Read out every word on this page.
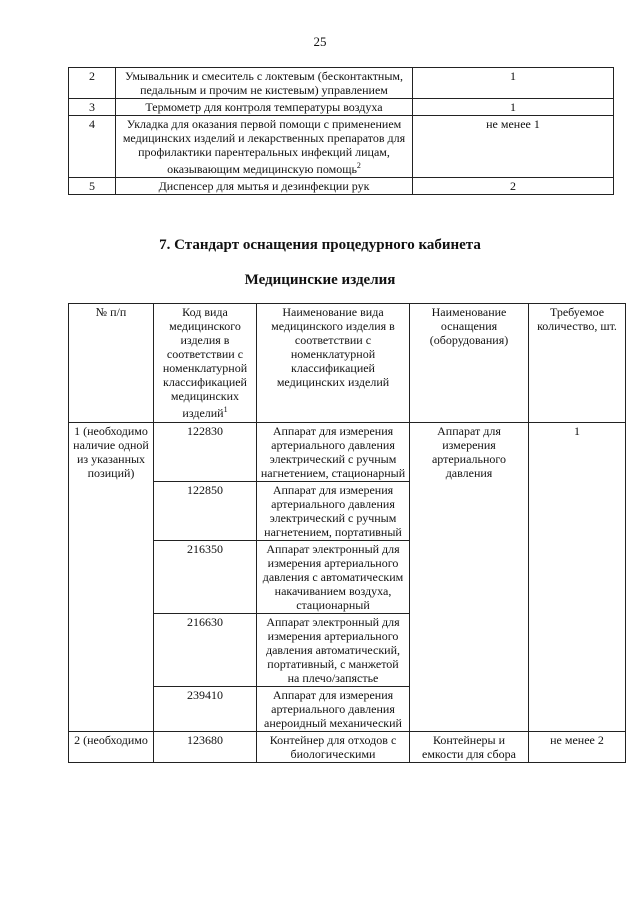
25
2	Умывальник и смеситель с локтевым (бесконтактным, педальным и прочим не кистевым) управлением	1
3	Термометр для контроля температуры воздуха	1
4	Укладка для оказания первой помощи с применением медицинских изделий и лекарственных препаратов для профилактики парентеральных инфекций лицам, оказывающим медицинскую помощь$^2$	не менее 1
5	Диспенсер для мытья и дезинфекции рук	2
7. Стандарт оснащения процедурного кабинета
Медицинские изделия
№ п/п	Код вида медицинского изделия в соответствии с номенклатурной классификацией медицинских изделий$^1$	Наименование вида медицинского изделия в соответствии с номенклатурной классификацией медицинских изделий	Наименование оснащения (оборудования)	Требуемое количество, шт.
1 (необходимо наличие одной из указанных позиций)	122830	Аппарат для измерения артериального давления электрический с ручным нагнетением, стационарный	Аппарат для измерения артериального давления	1
	122850	Аппарат для измерения артериального давления электрический с ручным нагнетением, портативный		
	216350	Аппарат электронный для измерения артериального давления с автоматическим накачиванием воздуха, стационарный		
	216630	Аппарат электронный для измерения артериального давления автоматический, портативный, с манжетой на плечо/запястье		
	239410	Аппарат для измерения артериального давления анероидный механический		
2 (необходимо	123680	Контейнер для отходов с биологическими	Контейнеры и емкости для сбора	не менее 2
